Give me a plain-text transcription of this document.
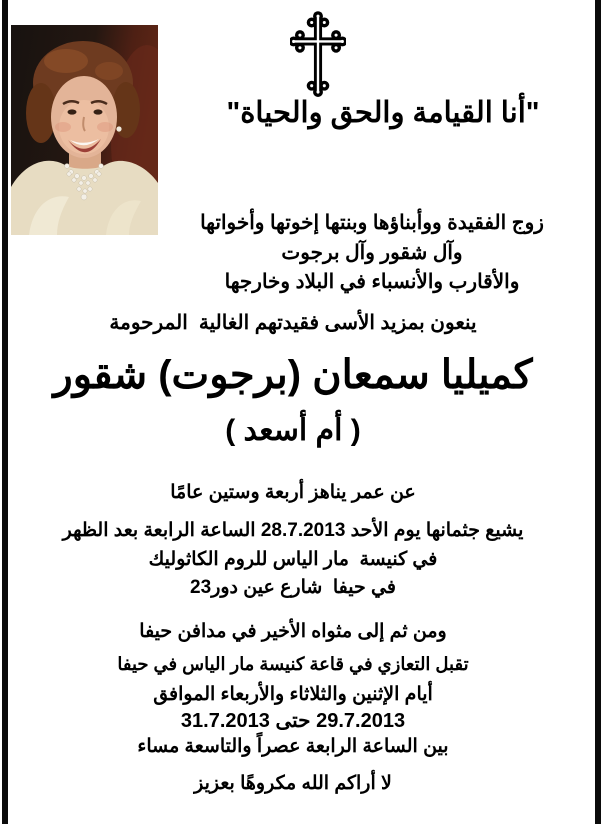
"أنا القيامة والحق والحياة"
زوج الفقيدة ووأبناؤها وبنتها إخوتها وأخواتها
وآل شقور وآل برجوت
والأقارب والأنسباء في البلاد وخارجها
ينعون بمزيد الأسى فقيدتهم الغالية  المرحومة
كميليا سمعان (برجوت) شقور
( أم أسعد )
عن عمر يناهز أربعة وستين عامًا
يشيع جثمانها يوم الأحد 28.7.2013 الساعة الرابعة بعد الظهر
في كنيسة  مار الياس للروم الكاثوليك
في حيفا  شارع عين دور23
ومن ثم إلى مثواه الأخير في مدافن حيفا
تقبل التعازي في قاعة كنيسة مار الياس في حيفا
أيام الإثنين والثلاثاء والأربعاء الموافق
29.7.2013 حتى 31.7.2013
بين الساعة الرابعة عصراً والتاسعة مساء
لا أراكم الله مكروهًا بعزيز
